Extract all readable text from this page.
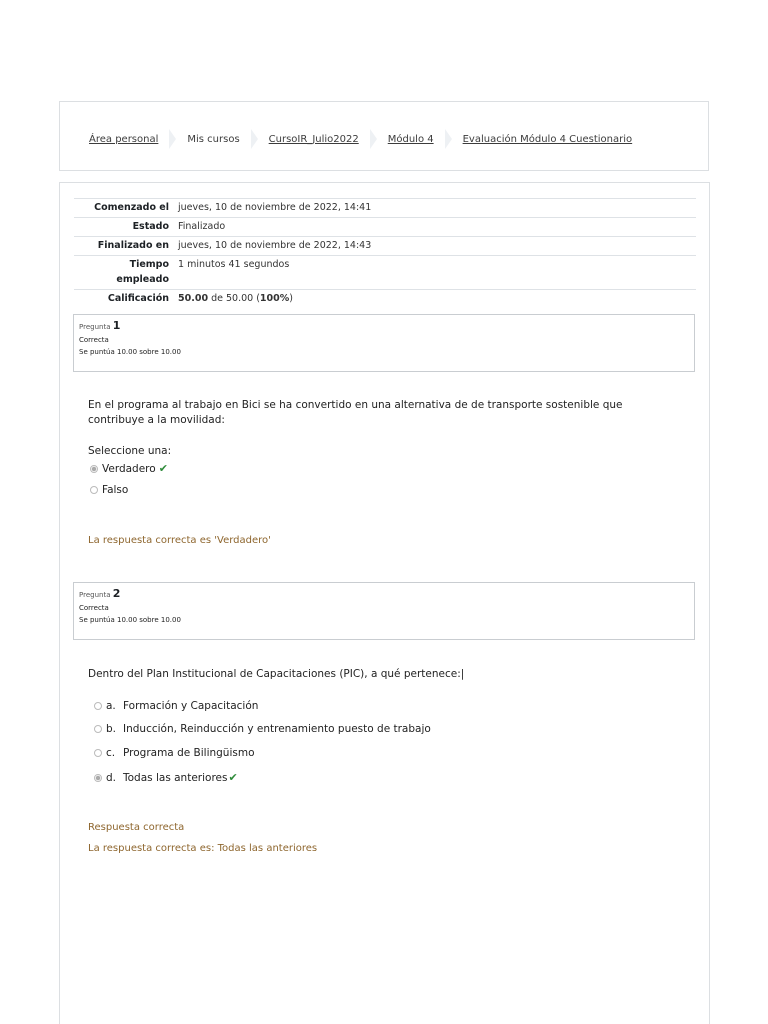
Área personal	Mis cursos	CursoIR_Julio2022	Módulo 4	Evaluación Módulo 4 Cuestionario
Comenzado el	jueves, 10 de noviembre de 2022, 14:41
Estado	Finalizado
Finalizado en	jueves, 10 de noviembre de 2022, 14:43
Tiempo empleado	1 minutos 41 segundos
Calificación	50.00 de 50.00 (100%)
Pregunta 1
Correcta
Se puntúa 10.00 sobre 10.00
En el programa al trabajo en Bici se ha convertido en una alternativa de de transporte sostenible que contribuye a la movilidad:
Seleccione una:
Verdadero ✔
Falso
La respuesta correcta es 'Verdadero'
Pregunta 2
Correcta
Se puntúa 10.00 sobre 10.00
Dentro del Plan Institucional de Capacitaciones (PIC), a qué pertenece:|
a. Formación y Capacitación
b. Inducción, Reinducción y entrenamiento puesto de trabajo
c. Programa de Bilingüismo
d. Todas las anteriores ✔
Respuesta correcta
La respuesta correcta es: Todas las anteriores
